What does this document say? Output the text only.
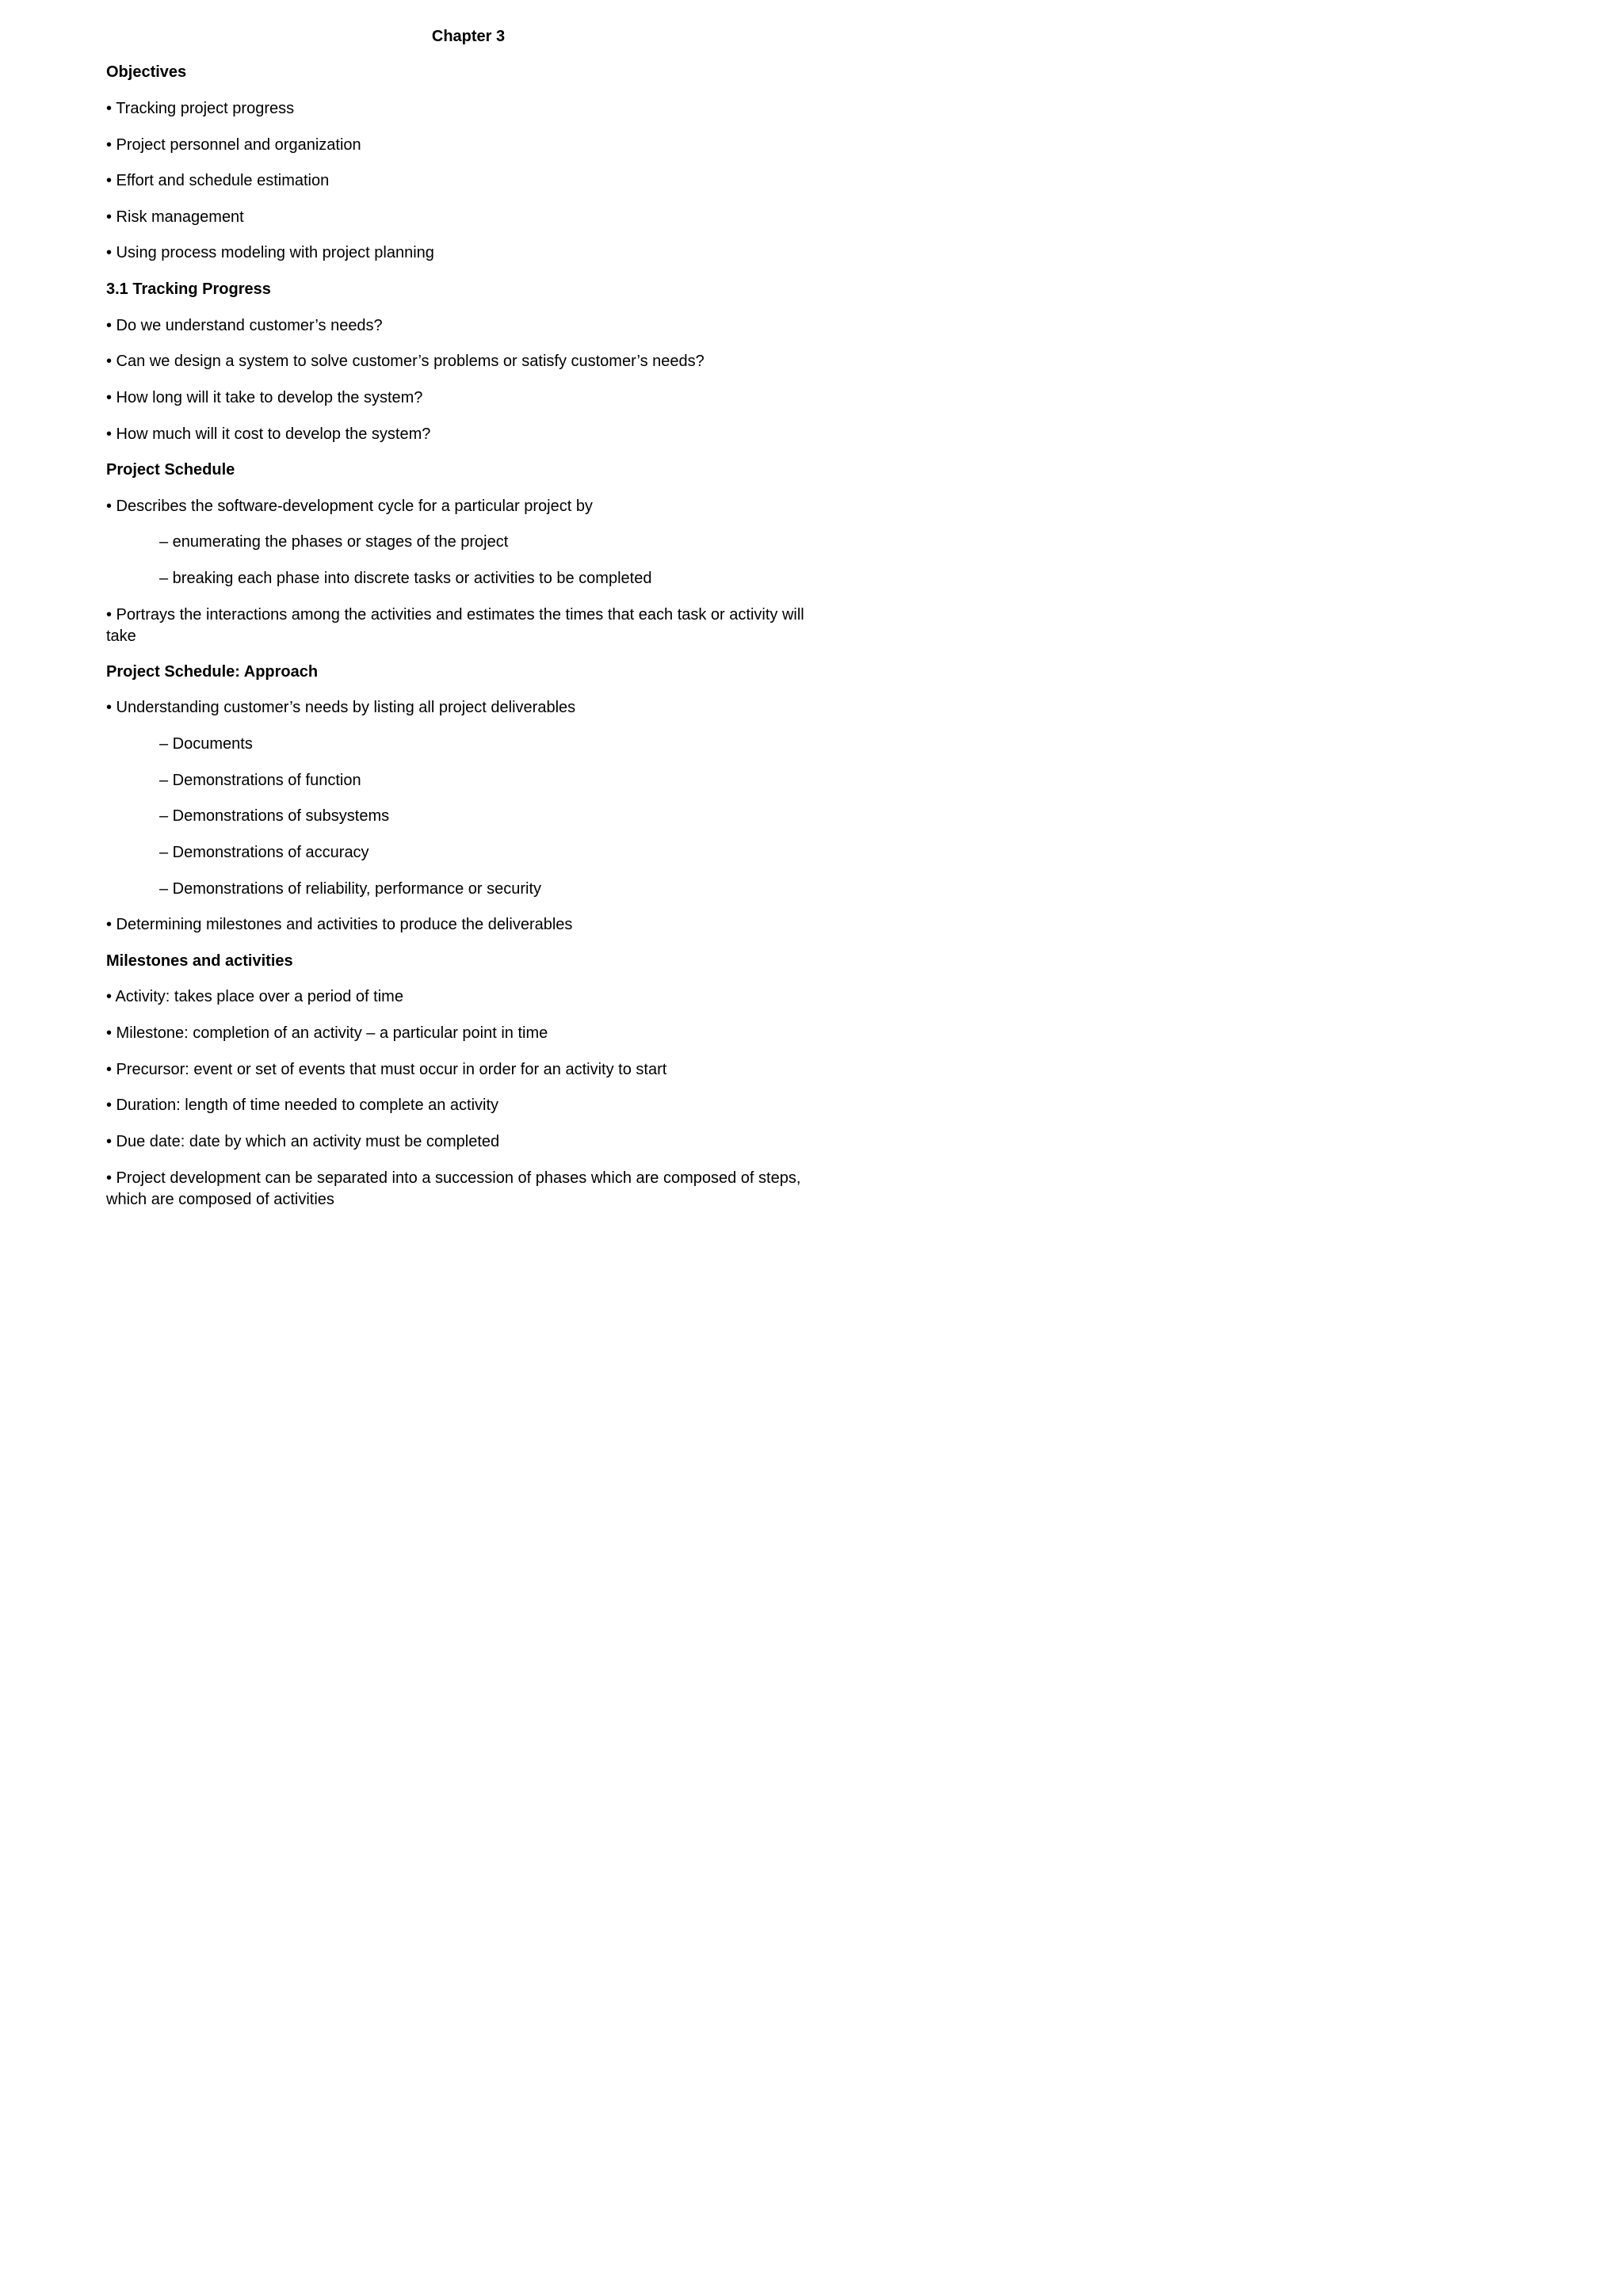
Chapter 3
Objectives
• Tracking project progress
• Project personnel and organization
• Effort and schedule estimation
• Risk management
• Using process modeling with project planning
3.1 Tracking Progress
• Do we understand customer’s needs?
• Can we design a system to solve customer’s problems or satisfy customer’s needs?
• How long will it take to develop the system?
• How much will it cost to develop the system?
Project Schedule
• Describes the software-development cycle for a particular project by
– enumerating the phases or stages of the project
– breaking each phase into discrete tasks or activities to be completed
• Portrays the interactions among the activities and estimates the times that each task or activity will take
Project Schedule: Approach
• Understanding customer’s needs by listing all project deliverables
– Documents
– Demonstrations of function
– Demonstrations of subsystems
– Demonstrations of accuracy
– Demonstrations of reliability, performance or security
• Determining milestones and activities to produce the deliverables
Milestones and activities
• Activity: takes place over a period of time
• Milestone: completion of an activity – a particular point in time
• Precursor: event or set of events that must occur in order for an activity to start
• Duration: length of time needed to complete an activity
• Due date: date by which an activity must be completed
• Project development can be separated into a succession of phases which are composed of steps, which are composed of activities
